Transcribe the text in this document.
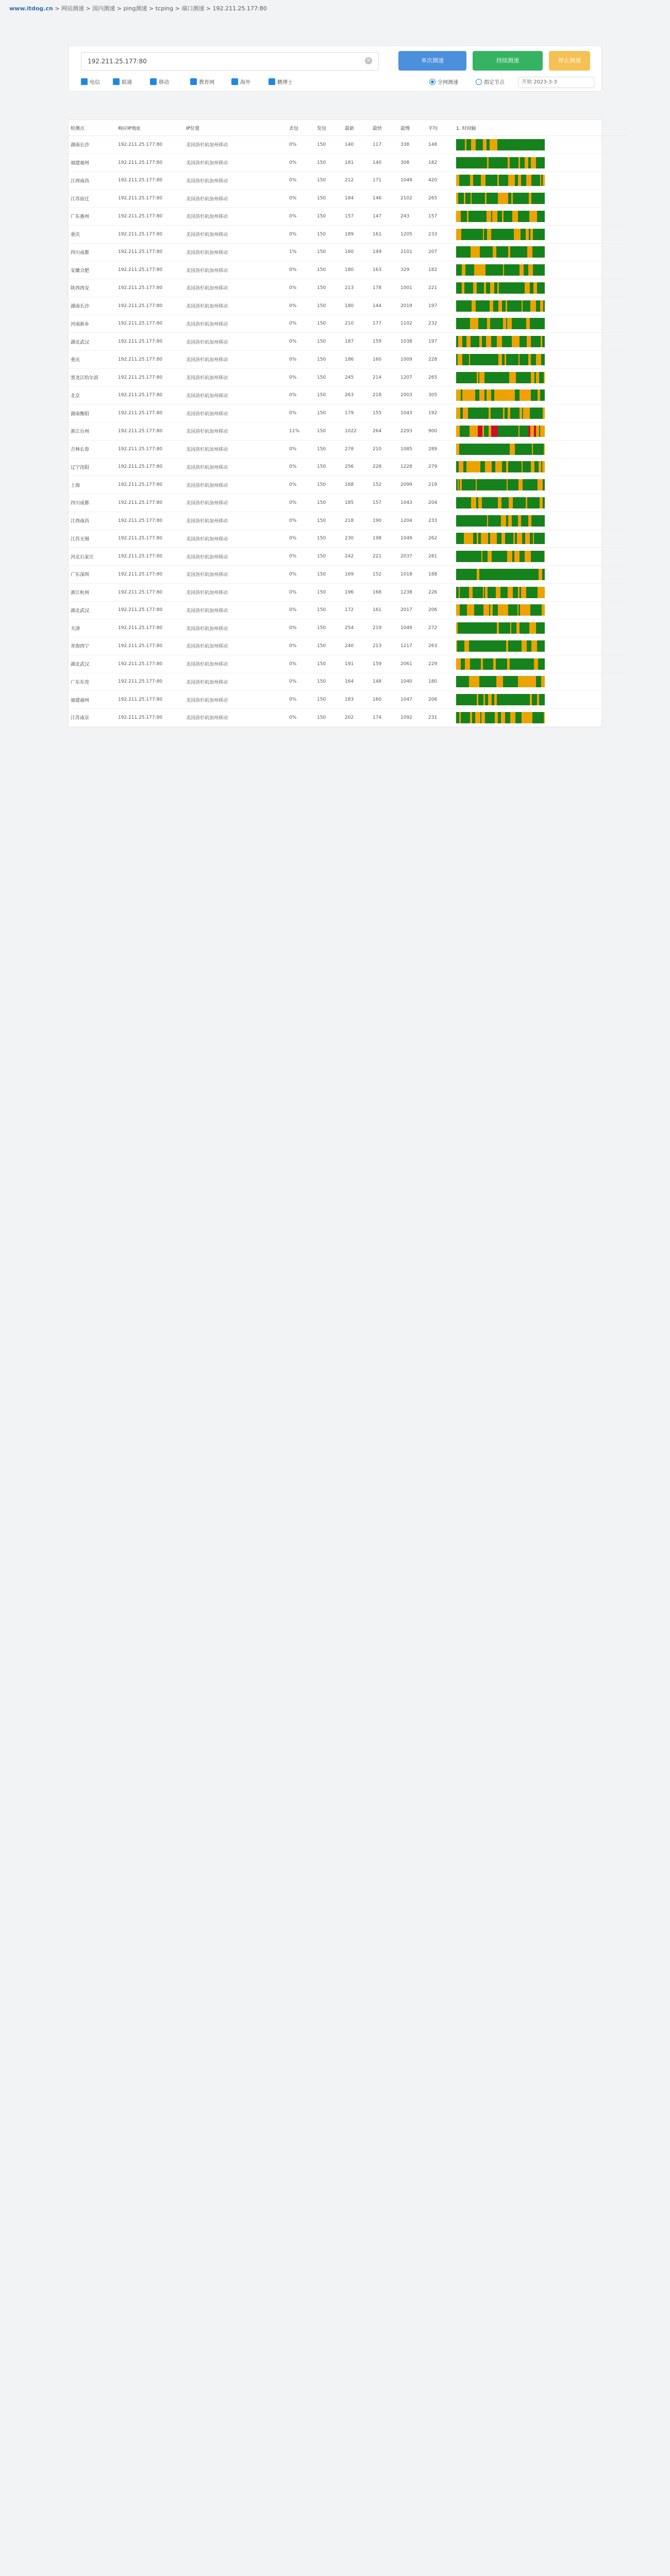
www.itdog.cn > 网站测速 > 国内测速 > ping测速 > tcping > 端口测速 > 192.211.25.177:80
192.211.25.177:80
✕	单次测速	持续测速	停止测速
电信	联通	移动	教育网	海外	鹏博士	全网测速	指定节点	开始 2023-3-3
检测点	响应IP地址	IP位置	丢包	发包	最新	最快	最慢	平均	1. 时间轴
湖南长沙	192.211.25.177:80	美国洛杉矶加州移动	0%	150	140	117	338	148	

福建福州	192.211.25.177:80	美国洛杉矶加州移动	0%	150	181	140	308	182	

江西南昌	192.211.25.177:80	美国洛杉矶加州移动	0%	150	212	171	1049	420	

江苏宿迁	192.211.25.177:80	美国洛杉矶加州移动	0%	150	184	146	2102	265	

广东惠州	192.211.25.177:80	美国洛杉矶加州移动	0%	150	157	147	243	157	

重庆	192.211.25.177:80	美国洛杉矶加州移动	0%	150	189	161	1205	233	

四川成都	192.211.25.177:80	美国洛杉矶加州移动	1%	150	160	149	2101	207	

安徽合肥	192.211.25.177:80	美国洛杉矶加州移动	0%	150	180	163	329	182	

陕西西安	192.211.25.177:80	美国洛杉矶加州移动	0%	150	213	178	1001	221	

湖南长沙	192.211.25.177:80	美国洛杉矶加州移动	0%	150	180	144	2019	197	

河南新乡	192.211.25.177:80	美国洛杉矶加州移动	0%	150	210	177	1102	232	

湖北武汉	192.211.25.177:80	美国洛杉矶加州移动	0%	150	187	159	1038	197	

重庆	192.211.25.177:80	美国洛杉矶加州移动	0%	150	186	160	1009	228	

黑龙江哈尔滨	192.211.25.177:80	美国洛杉矶加州移动	0%	150	245	214	1207	265	

北京	192.211.25.177:80	美国洛杉矶加州移动	0%	150	263	218	2003	305	

湖南衡阳	192.211.25.177:80	美国洛杉矶加州移动	0%	150	179	155	1043	192	

浙江台州	192.211.25.177:80	美国洛杉矶加州移动	11%	150	1022	264	2293	900	

吉林长春	192.211.25.177:80	美国洛杉矶加州移动	0%	150	278	210	1085	289	

辽宁沈阳	192.211.25.177:80	美国洛杉矶加州移动	0%	150	256	228	1228	279	

上海	192.211.25.177:80	美国洛杉矶加州移动	0%	150	168	152	2099	219	

四川成都	192.211.25.177:80	美国洛杉矶加州移动	0%	150	185	157	1043	204	

江西南昌	192.211.25.177:80	美国洛杉矶加州移动	0%	150	218	190	1204	233	

江苏无锡	192.211.25.177:80	美国洛杉矶加州移动	0%	150	230	198	1049	262	

河北石家庄	192.211.25.177:80	美国洛杉矶加州移动	0%	150	242	221	2037	281	

广东深圳	192.211.25.177:80	美国洛杉矶加州移动	0%	150	169	152	1018	188	

浙江杭州	192.211.25.177:80	美国洛杉矶加州移动	0%	150	196	168	1238	226	

湖北武汉	192.211.25.177:80	美国洛杉矶加州移动	0%	150	172	161	2017	206	

天津	192.211.25.177:80	美国洛杉矶加州移动	0%	150	254	219	1049	272	

青海西宁	192.211.25.177:80	美国洛杉矶加州移动	0%	150	240	213	1217	263	

湖北武汉	192.211.25.177:80	美国洛杉矶加州移动	0%	150	191	159	2061	229	

广东东莞	192.211.25.177:80	美国洛杉矶加州移动	0%	150	164	148	1040	180	

福建福州	192.211.25.177:80	美国洛杉矶加州移动	0%	150	183	160	1047	206	

江苏南京	192.211.25.177:80	美国洛杉矶加州移动	0%	150	202	174	1092	231	
